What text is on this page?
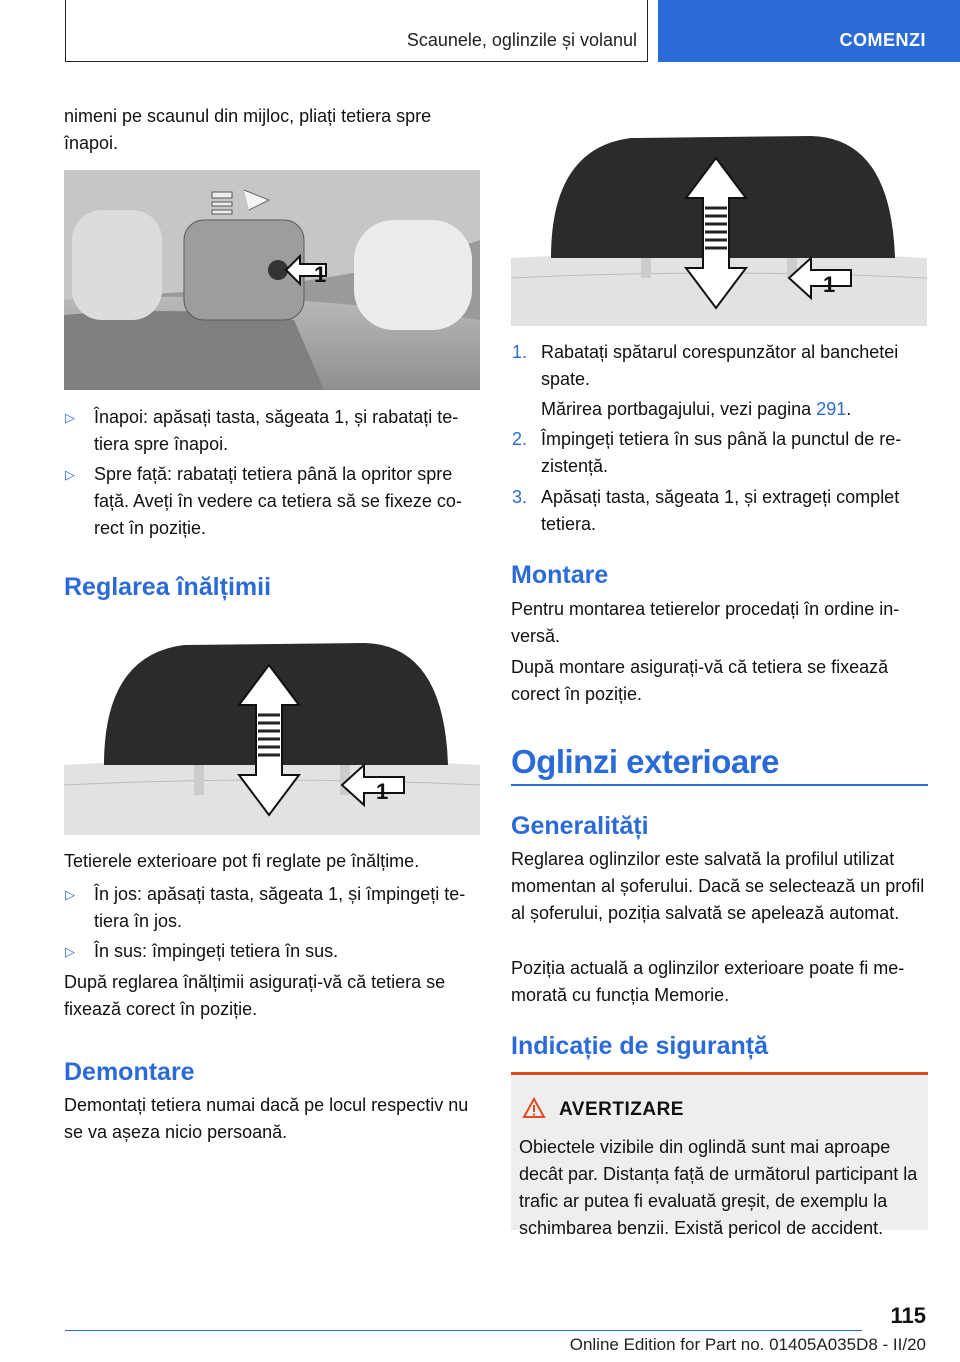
Scaunele, oglinzile și volanul	COMENZI

nimeni pe scaunul din mijloc, pliați tetiera spre înapoi.

1
▷ Înapoi: apăsați tasta, săgeata 1, și rabatați tetiera spre înapoi.
▷ Spre față: rabatați tetiera până la opritor spre față. Aveți în vedere ca tetiera să se fixeze corect în poziție.
Reglarea înălțimii
1

Tetierele exterioare pot fi reglate pe înălțime.

▷ În jos: apăsați tasta, săgeata 1, și împingeți tetiera în jos.
▷ În sus: împingeți tetiera în sus.

După reglarea înălțimii asigurați-vă că tetiera se fixează corect în poziție.

Demontare

Demontați tetiera numai dacă pe locul respectiv nu se va așeza nicio persoană.

1
1. Rabatați spătarul corespunzător al banchetei spate.

Mărirea portbagajului, vezi pagina 291.

2. Împingeți tetiera în sus până la punctul de rezistență.
3. Apăsați tasta, săgeata 1, și extrageți complet tetiera.
Montare

Pentru montarea tetierelor procedați în ordine inversă.

După montare asigurați-vă că tetiera se fixează corect în poziție.

Oglinzi exterioare
Generalități

Reglarea oglinzilor este salvată la profilul utilizat momentan al șoferului. Dacă se selectează un profil al șoferului, poziția salvată se apelează automat.

Poziția actuală a oglinzilor exterioare poate fi memorată cu funcția Memorie.

Indicație de siguranță
AVERTIZARE
Obiectele vizibile din oglindă sunt mai aproape decât par. Distanța față de următorul participant la trafic ar putea fi evaluată greșit, de exemplu la schimbarea benzii. Există pericol de accident.
115
Online Edition for Part no. 01405A035D8 - II/20
